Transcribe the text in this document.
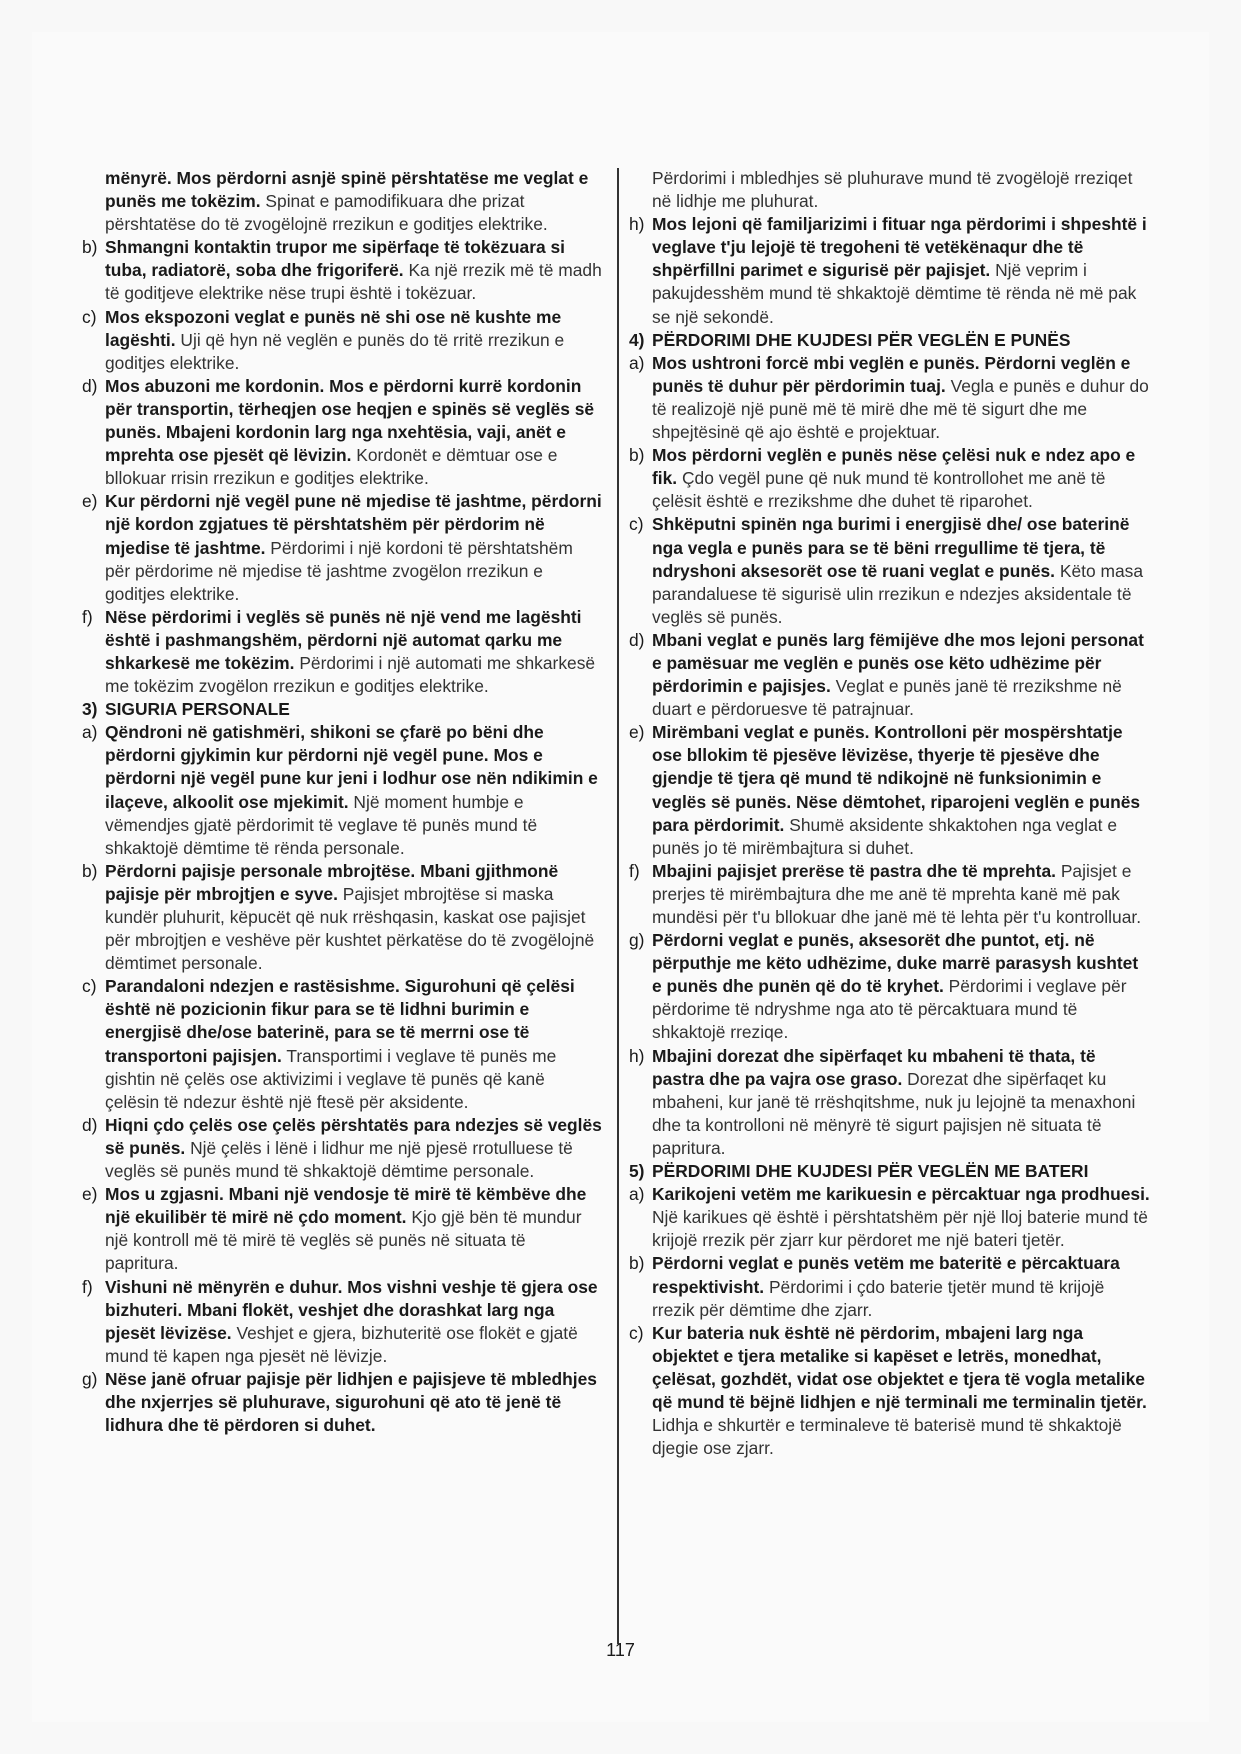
mënyrë. Mos përdorni asnjë spinë përshtatëse me veglat e punës me tokëzim. Spinat e pamodifikuara dhe prizat përshtatëse do të zvogëlojnë rrezikun e goditjes elektrike.
b) Shmangni kontaktin trupor me sipërfaqe të tokëzuara si tuba, radiatorë, soba dhe frigoriferë. Ka një rrezik më të madh të goditjeve elektrike nëse trupi është i tokëzuar.
c) Mos ekspozoni veglat e punës në shi ose në kushte me lagështi. Uji që hyn në veglën e punës do të rritë rrezikun e goditjes elektrike.
d) Mos abuzoni me kordonin. Mos e përdorni kurrë kordonin për transportin, tërheqjen ose heqjen e spinës së veglës së punës. Mbajeni kordonin larg nga nxehtësia, vaji, anët e mprehta ose pjesët që lëvizin. Kordonët e dëmtuar ose e bllokuar rrisin rrezikun e goditjes elektrike.
e) Kur përdorni një vegël pune në mjedise të jashtme, përdorni një kordon zgjatues të përshtatshëm për përdorim në mjedise të jashtme. Përdorimi i një kordoni të përshtatshëm për përdorime në mjedise të jashtme zvogëlon rrezikun e goditjes elektrike.
f) Nëse përdorimi i veglës së punës në një vend me lagështi është i pashmangshëm, përdorni një automat qarku me shkarkesë me tokëzim. Përdorimi i një automati me shkarkesë me tokëzim zvogëlon rrezikun e goditjes elektrike.
3) SIGURIA PERSONALE
a) Qëndroni në gatishmëri, shikoni se çfarë po bëni dhe përdorni gjykimin kur përdorni një vegël pune. Mos e përdorni një vegël pune kur jeni i lodhur ose nën ndikimin e ilaçeve, alkoolit ose mjekimit. Një moment humbje e vëmendjes gjatë përdorimit të veglave të punës mund të shkaktojë dëmtime të rënda personale.
b) Përdorni pajisje personale mbrojtëse. Mbani gjithmonë pajisje për mbrojtjen e syve. Pajisjet mbrojtëse si maska kundër pluhurit, këpucët që nuk rrëshqasin, kaskat ose pajisjet për mbrojtjen e veshëve për kushtet përkatëse do të zvogëlojnë dëmtimet personale.
c) Parandaloni ndezjen e rastësishme. Sigurohuni që çelësi është në pozicionin fikur para se të lidhni burimin e energjisë dhe/ose baterinë, para se të merrni ose të transportoni pajisjen. Transportimi i veglave të punës me gishtin në çelës ose aktivizimi i veglave të punës që kanë çelësin të ndezur është një ftesë për aksidente.
d) Hiqni çdo çelës ose çelës përshtatës para ndezjes së veglës së punës. Një çelës i lënë i lidhur me një pjesë rrotulluese të veglës së punës mund të shkaktojë dëmtime personale.
e) Mos u zgjasni. Mbani një vendosje të mirë të këmbëve dhe një ekuilibër të mirë në çdo moment. Kjo gjë bën të mundur një kontroll më të mirë të veglës së punës në situata të papritura.
f) Vishuni në mënyrën e duhur. Mos vishni veshje të gjera ose bizhuteri. Mbani flokët, veshjet dhe dorashkat larg nga pjesët lëvizëse. Veshjet e gjera, bizhuteritë ose flokët e gjatë mund të kapen nga pjesët në lëvizje.
g) Nëse janë ofruar pajisje për lidhjen e pajisjeve të mbledhjes dhe nxjerrjes së pluhurave, sigurohuni që ato të jenë të lidhura dhe të përdoren si duhet.
Përdorimi i mbledhjes së pluhurave mund të zvogëlojë rreziqet në lidhje me pluhurat.
h) Mos lejoni që familjarizimi i fituar nga përdorimi i shpeshtë i veglave t'ju lejojë të tregoheni të vetëkënaqur dhe të shpërfillni parimet e sigurisë për pajisjet. Një veprim i pakujdesshëm mund të shkaktojë dëmtime të rënda në më pak se një sekondë.
4) PËRDORIMI DHE KUJDESI PËR VEGLËN E PUNËS
a) Mos ushtroni forcë mbi veglën e punës. Përdorni veglën e punës të duhur për përdorimin tuaj. Vegla e punës e duhur do të realizojë një punë më të mirë dhe më të sigurt dhe me shpejtësinë që ajo është e projektuar.
b) Mos përdorni veglën e punës nëse çelësi nuk e ndez apo e fik. Çdo vegël pune që nuk mund të kontrollohet me anë të çelësit është e rrezikshme dhe duhet të riparohet.
c) Shkëputni spinën nga burimi i energjisë dhe/ ose baterinë nga vegla e punës para se të bëni rregullime të tjera, të ndryshoni aksesorët ose të ruani veglat e punës. Këto masa parandaluese të sigurisë ulin rrezikun e ndezjes aksidentale të veglës së punës.
d) Mbani veglat e punës larg fëmijëve dhe mos lejoni personat e pamësuar me veglën e punës ose këto udhëzime për përdorimin e pajisjes. Veglat e punës janë të rrezikshme në duart e përdoruesve të patrajnuar.
e) Mirëmbani veglat e punës. Kontrolloni për mospërshtatje ose bllokim të pjesëve lëvizëse, thyerje të pjesëve dhe gjendje të tjera që mund të ndikojnë në funksionimin e veglës së punës. Nëse dëmtohet, riparojeni veglën e punës para përdorimit. Shumë aksidente shkaktohen nga veglat e punës jo të mirëmbajtura si duhet.
f) Mbajini pajisjet prerëse të pastra dhe të mprehta. Pajisjet e prerjes të mirëmbajtura dhe me anë të mprehta kanë më pak mundësi për t'u bllokuar dhe janë më të lehta për t'u kontrolluar.
g) Përdorni veglat e punës, aksesorët dhe puntot, etj. në përputhje me këto udhëzime, duke marrë parasysh kushtet e punës dhe punën që do të kryhet. Përdorimi i veglave për përdorime të ndryshme nga ato të përcaktuara mund të shkaktojë rreziqe.
h) Mbajini dorezat dhe sipërfaqet ku mbaheni të thata, të pastra dhe pa vajra ose graso. Dorezat dhe sipërfaqet ku mbaheni, kur janë të rrëshqitshme, nuk ju lejojnë ta menaxhoni dhe ta kontrolloni në mënyrë të sigurt pajisjen në situata të papritura.
5) PËRDORIMI DHE KUJDESI PËR VEGLËN ME BATERI
a) Karikojeni vetëm me karikuesin e përcaktuar nga prodhuesi. Një karikues që është i përshtatshëm për një lloj baterie mund të krijojë rrezik për zjarr kur përdoret me një bateri tjetër.
b) Përdorni veglat e punës vetëm me bateritë e përcaktuara respektivisht. Përdorimi i çdo baterie tjetër mund të krijojë rrezik për dëmtime dhe zjarr.
c) Kur bateria nuk është në përdorim, mbajeni larg nga objektet e tjera metalike si kapëset e letrës, monedhat, çelësat, gozhdët, vidat ose objektet e tjera të vogla metalike që mund të bëjnë lidhjen e një terminali me terminalin tjetër. Lidhja e shkurtër e terminaleve të baterisë mund të shkaktojë djegie ose zjarr.
117
